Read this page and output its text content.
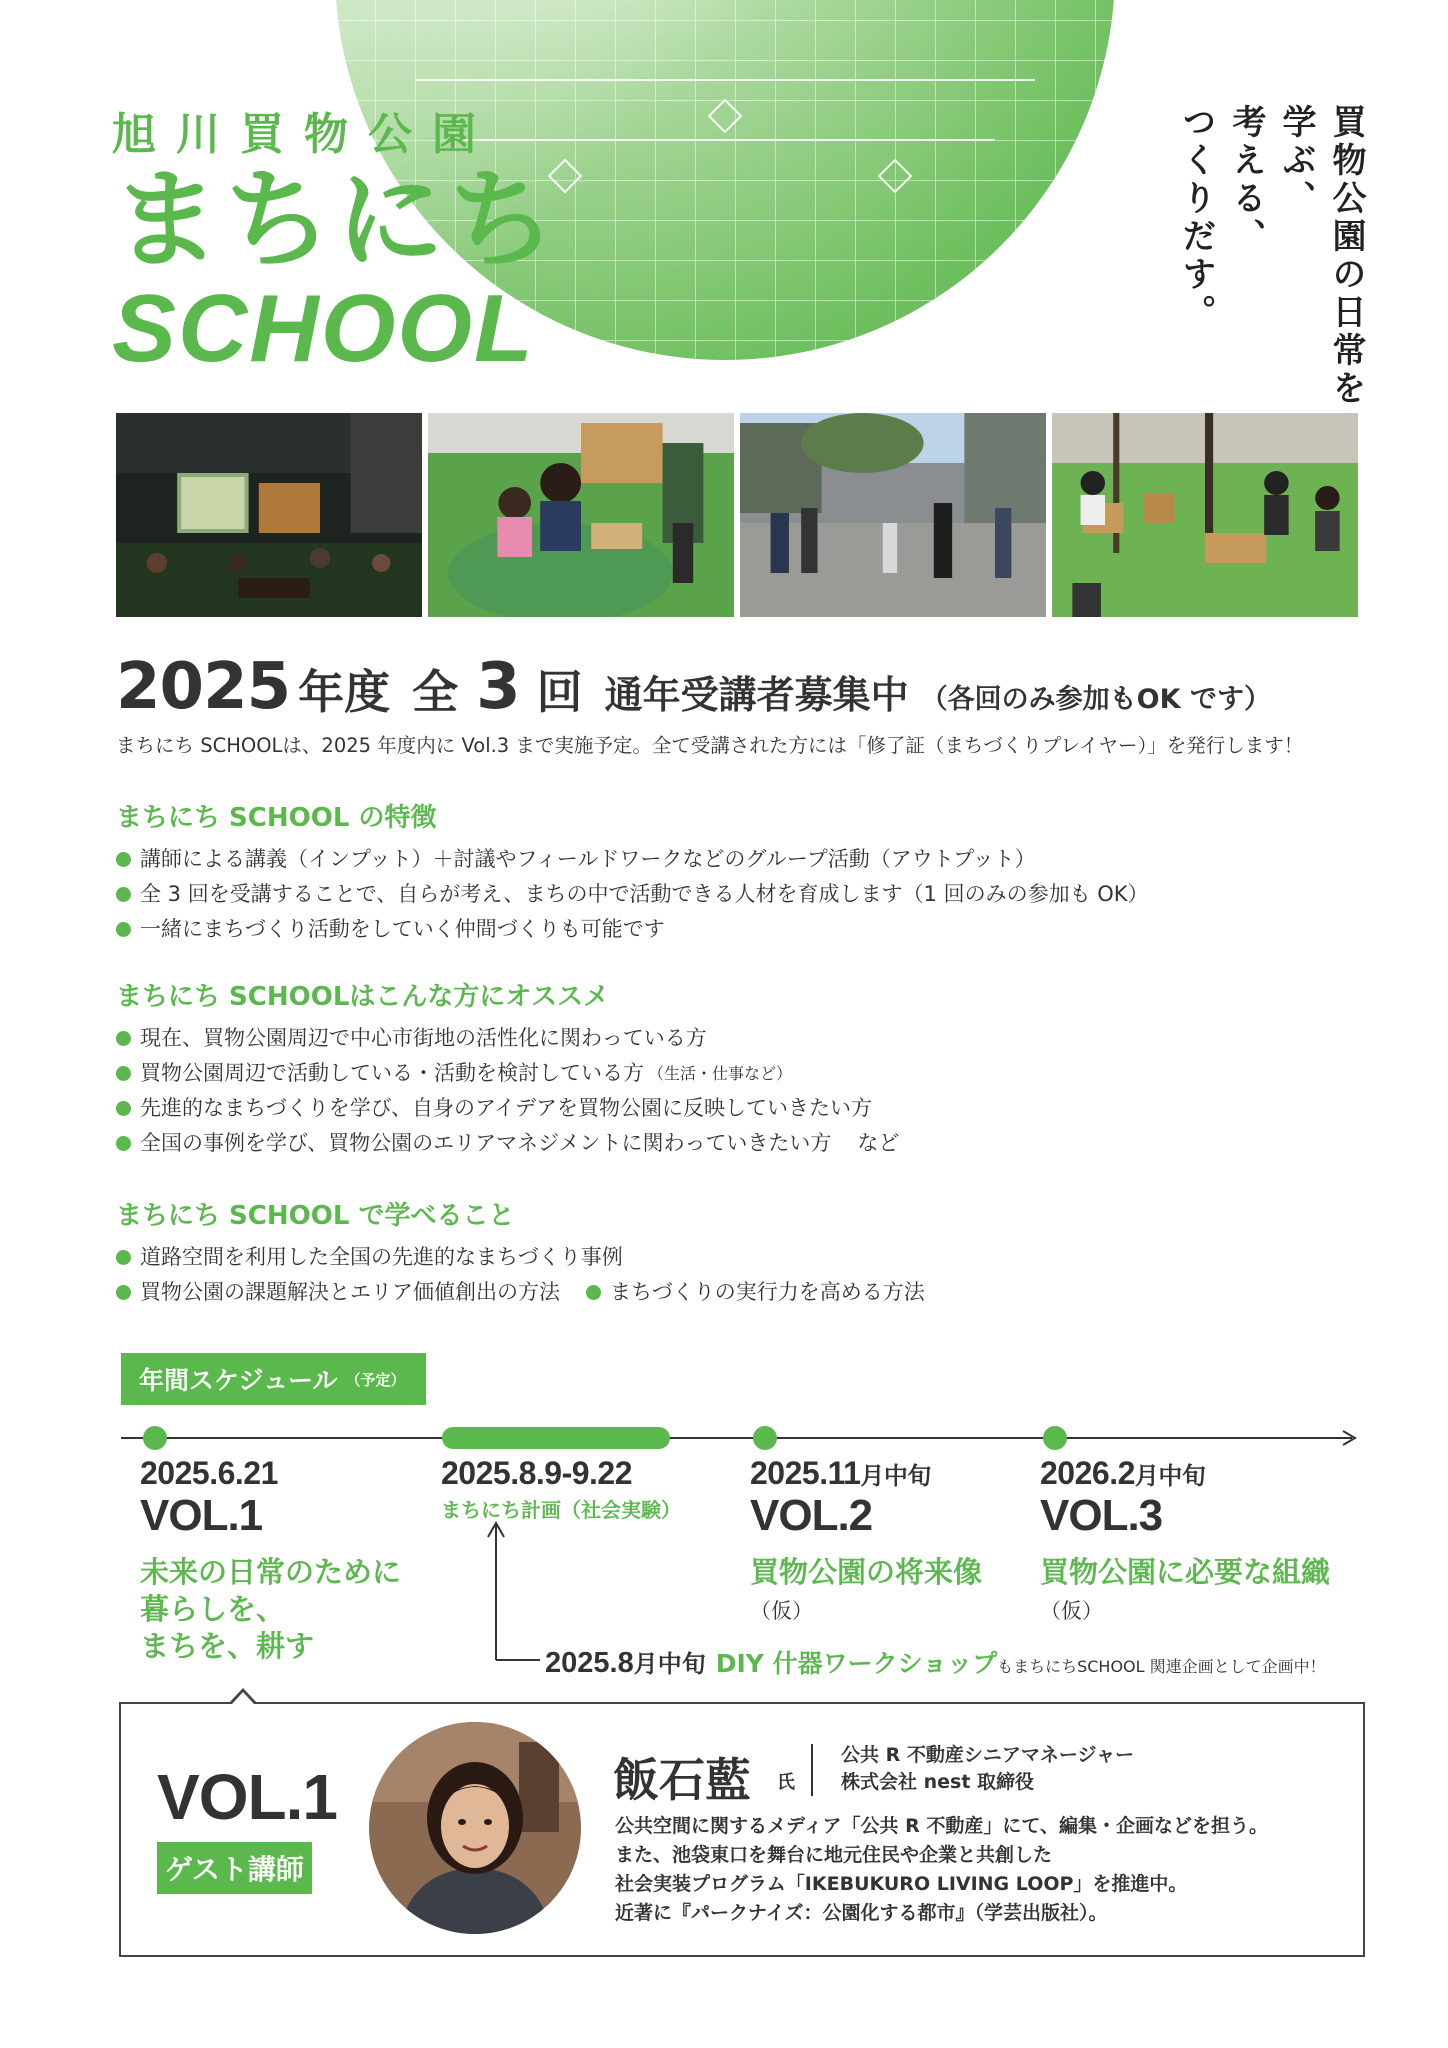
旭川買物公園
まちにち
SCHOOL	買物公園の日常を
学ぶ、
考える、
つくりだす。
2025 年度 全 3 回 通年受講者募集中 （各回のみ参加もOK です）
まちにち SCHOOLは、2025 年度内に Vol.3 まで実施予定。全て受講された方には「修了証（まちづくりプレイヤー）」を発行します！
まちにち SCHOOL の特徴
講師による講義（インプット）＋討議やフィールドワークなどのグループ活動（アウトプット）
全 3 回を受講することで、自らが考え、まちの中で活動できる人材を育成します（1 回のみの参加も OK）
一緒にまちづくり活動をしていく仲間づくりも可能です
まちにち SCHOOLはこんな方にオススメ
現在、買物公園周辺で中心市街地の活性化に関わっている方
買物公園周辺で活動している・活動を検討している方 （生活・仕事など）
先進的なまちづくりを学び、自身のアイデアを買物公園に反映していきたい方
全国の事例を学び、買物公園のエリアマネジメントに関わっていきたい方 など
まちにち SCHOOL で学べること
道路空間を利用した全国の先進的なまちづくり事例
買物公園の課題解決とエリア価値創出の方法 まちづくりの実行力を高める方法
年間スケジュール （予定）
2025.6.21
VOL.1
未来の日常のために
暮らしを、
まちを、耕す
2025.8.9-9.22
まちにち計画（社会実験）
2025.11月中旬
VOL.2
買物公園の将来像
（仮）
2026.2月中旬
VOL.3
買物公園に必要な組織
（仮）
2025.8 月中旬 DIY 什器ワークショップ もまちにちSCHOOL 関連企画として企画中！
VOL.1
ゲスト講師
飯石藍 氏
公共 R 不動産シニアマネージャー
株式会社 nest 取締役
公共空間に関するメディア「公共 R 不動産」にて、編集・企画などを担う。
また、池袋東口を舞台に地元住民や企業と共創した
社会実装プログラム「IKEBUKURO LIVING LOOP」を推進中。
近著に『パークナイズ：公園化する都市』（学芸出版社）。
